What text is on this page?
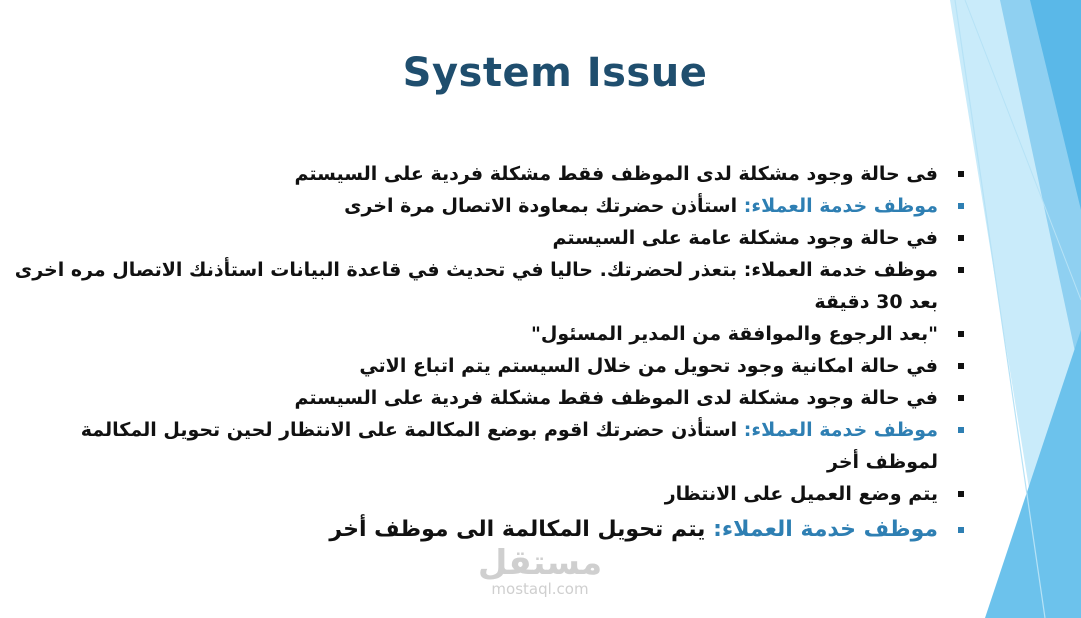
System Issue

فى حالة وجود مشكلة لدى الموظف فقط مشكلة فردية على السيستم

موظف خدمة العملاء: استأذن حضرتك بمعاودة الاتصال مرة اخرى

في حالة وجود مشكلة عامة على السيستم

موظف خدمة العملاء: بتعذر لحضرتك. حاليا في تحديث في قاعدة البيانات استأذنك الاتصال مره اخرى بعد 30 دقيقة

"بعد الرجوع والموافقة من المدير المسئول"

في حالة امكانية وجود تحويل من خلال السيستم يتم اتباع الاتي

في حالة وجود مشكلة لدى الموظف فقط مشكلة فردية على السيستم

موظف خدمة العملاء: استأذن حضرتك اقوم بوضع المكالمة على الانتظار لحين تحويل المكالمة لموظف أخر

يتم وضع العميل على الانتظار

موظف خدمة العملاء: يتم تحويل المكالمة الى موظف أخر

مستقل
mostaql.com
